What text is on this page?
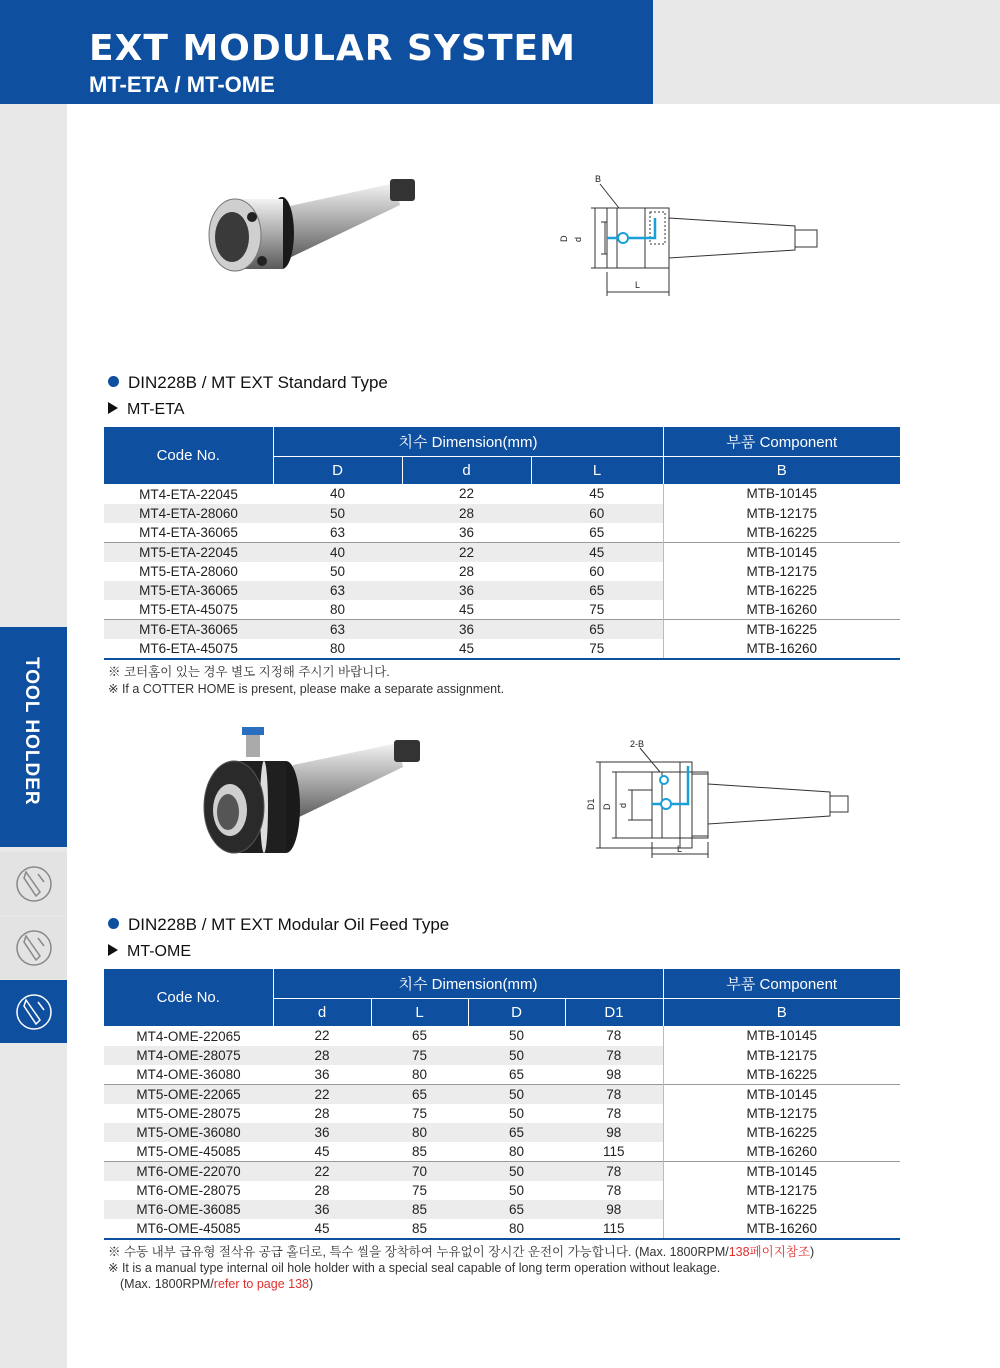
EXT MODULAR SYSTEM
MT-ETA / MT-OME
TOOL HOLDER
B
D d
L
DIN228B / MT EXT Standard Type
MT-ETA
Code No.	치수 Dimension(mm)			부품 Component
	D	d	L	B
MT4-ETA-22045	40	22	45	MTB-10145
MT4-ETA-28060	50	28	60	MTB-12175
MT4-ETA-36065	63	36	65	MTB-16225
MT5-ETA-22045	40	22	45	MTB-10145
MT5-ETA-28060	50	28	60	MTB-12175
MT5-ETA-36065	63	36	65	MTB-16225
MT5-ETA-45075	80	45	75	MTB-16260
MT6-ETA-36065	63	36	65	MTB-16225
MT6-ETA-45075	80	45	75	MTB-16260
※ 코터홈이 있는 경우 별도 지정해 주시기 바랍니다.
※ If a COTTER HOME is present, please make a separate assignment.
2-B
D1 D d
L
DIN228B / MT EXT Modular Oil Feed Type
MT-OME
Code No.	치수 Dimension(mm)				부품 Component
	d	L	D	D1	B
MT4-OME-22065	22	65	50	78	MTB-10145
MT4-OME-28075	28	75	50	78	MTB-12175
MT4-OME-36080	36	80	65	98	MTB-16225
MT5-OME-22065	22	65	50	78	MTB-10145
MT5-OME-28075	28	75	50	78	MTB-12175
MT5-OME-36080	36	80	65	98	MTB-16225
MT5-OME-45085	45	85	80	115	MTB-16260
MT6-OME-22070	22	70	50	78	MTB-10145
MT6-OME-28075	28	75	50	78	MTB-12175
MT6-OME-36085	36	85	65	98	MTB-16225
MT6-OME-45085	45	85	80	115	MTB-16260
※ 수동 내부 급유형 절삭유 공급 홀더로, 특수 씰을 장착하여 누유없이 장시간 운전이 가능합니다. (Max. 1800RPM/138페이지참조)
※ It is a manual type internal oil hole holder with a special seal capable of long term operation without leakage.
(Max. 1800RPM/refer to page 138)
